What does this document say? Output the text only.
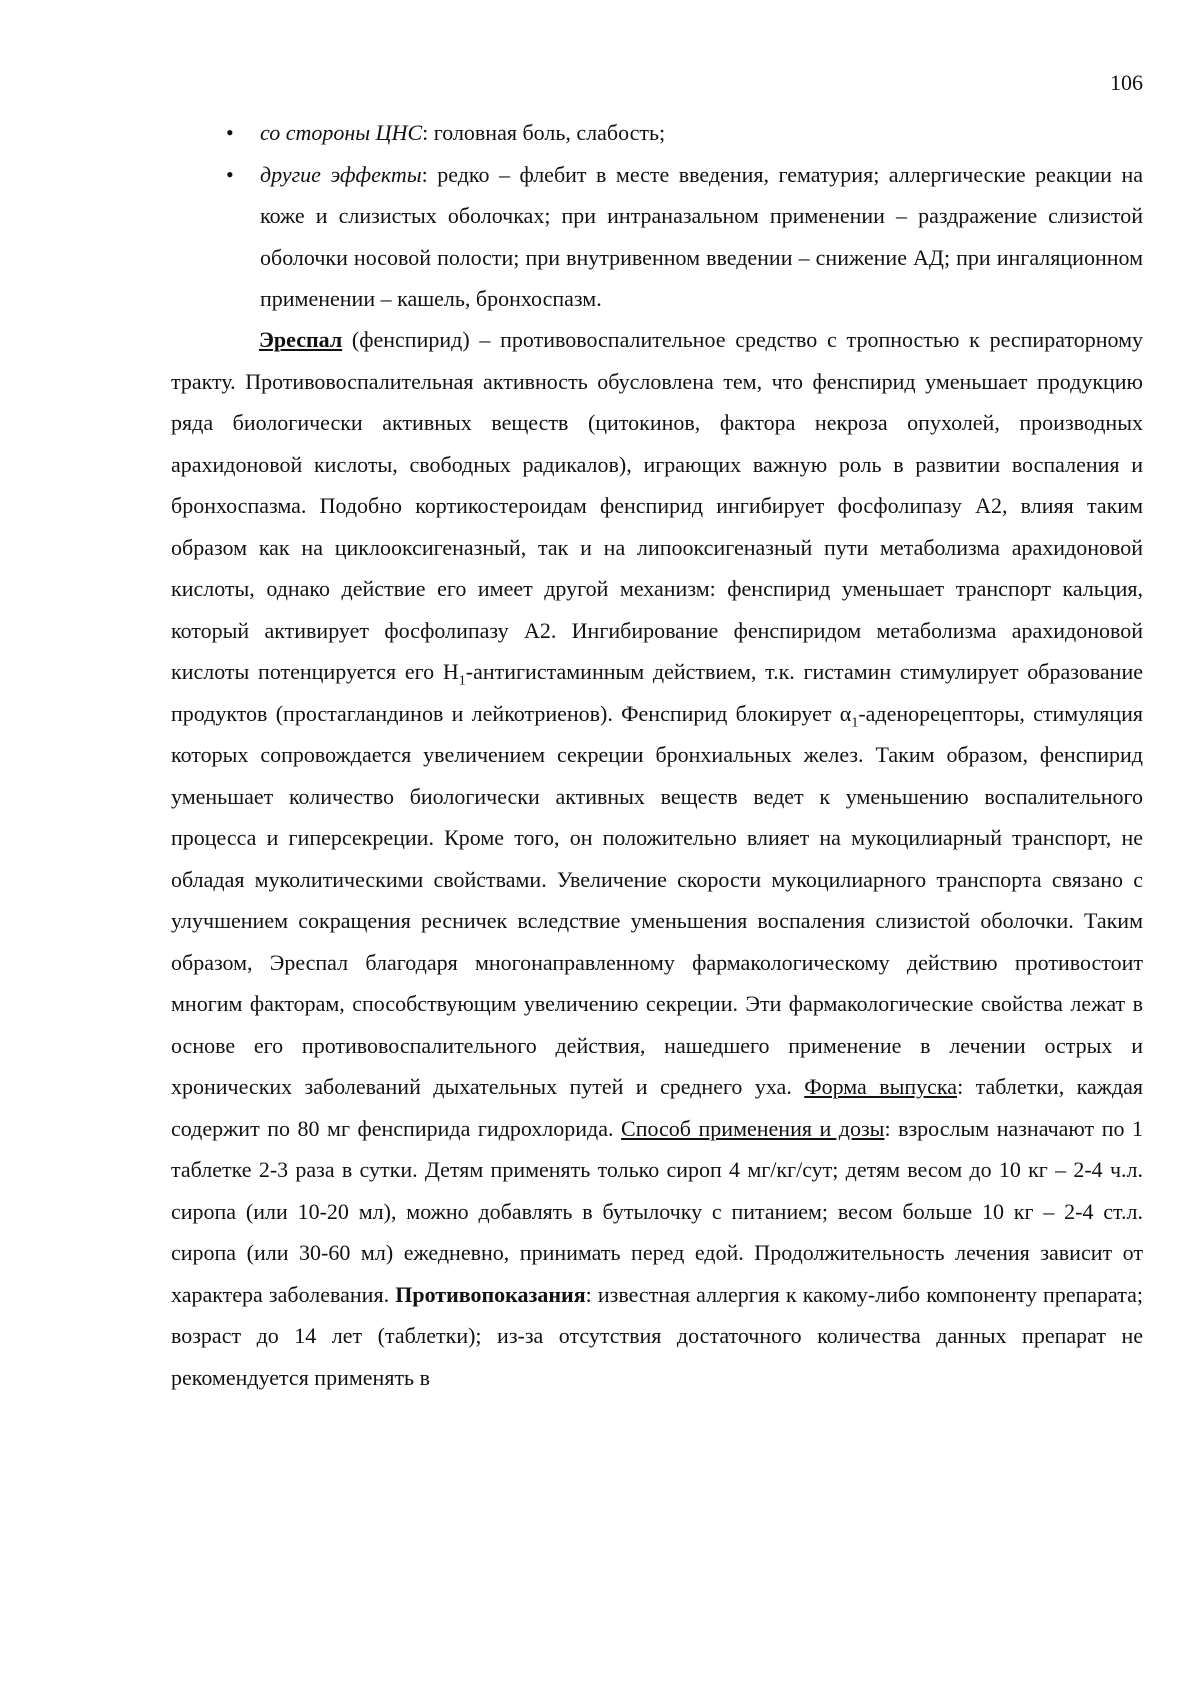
106
• со стороны ЦНС: головная боль, слабость;
• другие эффекты: редко – флебит в месте введения, гематурия; аллергические реакции на коже и слизистых оболочках; при интраназальном применении – раздражение слизистой оболочки носовой полости; при внутривенном введении – снижение АД; при ингаляционном применении – кашель, бронхоспазм.

Эреспал (фенспирид) – противовоспалительное средство с тропностью к респираторному тракту. Противовоспалительная активность обусловлена тем, что фенспирид уменьшает продукцию ряда биологически активных веществ (цитокинов, фактора некроза опухолей, производных арахидоновой кислоты, свободных радикалов), играющих важную роль в развитии воспаления и бронхоспазма. Подобно кортикостероидам фенспирид ингибирует фосфолипазу А2, влияя таким образом как на циклооксигеназный, так и на липооксигеназный пути метаболизма арахидоновой кислоты, однако действие его имеет другой механизм: фенспирид уменьшает транспорт кальция, который активирует фосфолипазу А2. Ингибирование фенспиридом метаболизма арахидоновой кислоты потенцируется его $Н_1$-антигистаминным действием, т.к. гистамин стимулирует образование продуктов (простагландинов и лейкотриенов). Фенспирид блокирует $\alpha_1$-аденорецепторы, стимуляция которых сопровождается увеличением секреции бронхиальных желез. Таким образом, фенспирид уменьшает количество биологически активных веществ ведет к уменьшению воспалительного процесса и гиперсекреции. Кроме того, он положительно влияет на мукоцилиарный транспорт, не обладая муколитическими свойствами. Увеличение скорости мукоцилиарного транспорта связано с улучшением сокращения ресничек вследствие уменьшения воспаления слизистой оболочки. Таким образом, Эреспал благодаря многонаправленному фармакологическому действию противостоит многим факторам, способствующим увеличению секреции. Эти фармакологические свойства лежат в основе его противовоспалительного действия, нашедшего применение в лечении острых и хронических заболеваний дыхательных путей и среднего уха. Форма выпуска: таблетки, каждая содержит по 80 мг фенспирида гидрохлорида. Способ применения и дозы: взрослым назначают по 1 таблетке 2-3 раза в сутки. Детям применять только сироп 4 мг/кг/сут; детям весом до 10 кг – 2-4 ч.л. сиропа (или 10-20 мл), можно добавлять в бутылочку с питанием; весом больше 10 кг – 2-4 ст.л. сиропа (или 30-60 мл) ежедневно, принимать перед едой. Продолжительность лечения зависит от характера заболевания. Противопоказания: известная аллергия к какому-либо компоненту препарата; возраст до 14 лет (таблетки); из-за отсутствия достаточного количества данных препарат не рекомендуется применять в
